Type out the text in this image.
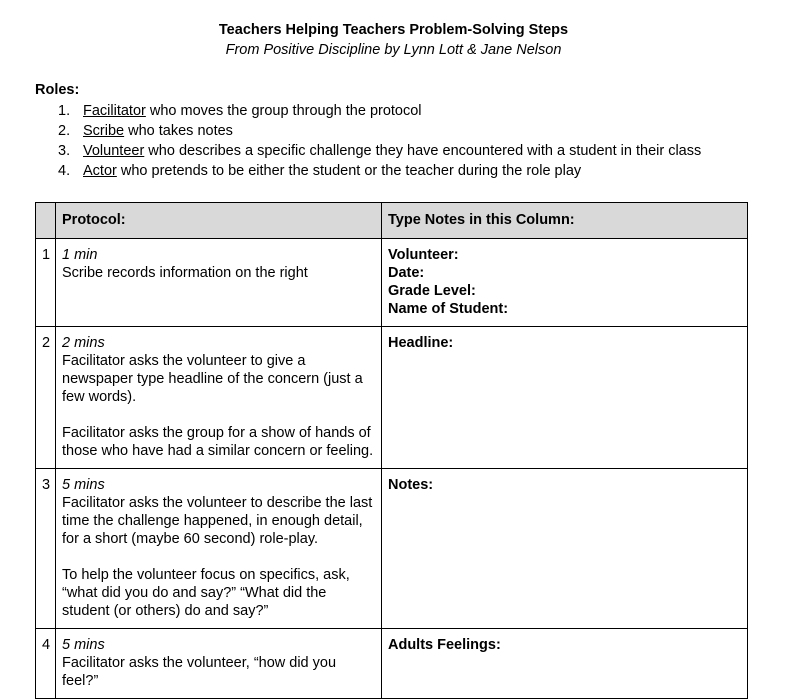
Teachers Helping Teachers Problem-Solving Steps
From Positive Discipline by Lynn Lott & Jane Nelson
Roles:
1. Facilitator who moves the group through the protocol
2. Scribe who takes notes
3. Volunteer who describes a specific challenge they have encountered with a student in their class
4. Actor who pretends to be either the student or the teacher during the role play
	Protocol:	Type Notes in this Column:
1	1 min
Scribe records information on the right	Volunteer:
Date:
Grade Level:
Name of Student:

2	2 mins
Facilitator asks the volunteer to give a newspaper type headline of the concern (just a few words).
Facilitator asks the group for a show of hands of those who have had a similar concern or feeling.	Headline:

3	5 mins
Facilitator asks the volunteer to describe the last time the challenge happened, in enough detail, for a short (maybe 60 second) role-play.
To help the volunteer focus on specifics, ask, “what did you do and say?” “What did the student (or others) do and say?”	Notes:

4	5 mins
Facilitator asks the volunteer, “how did you feel?”	Adults Feelings:
